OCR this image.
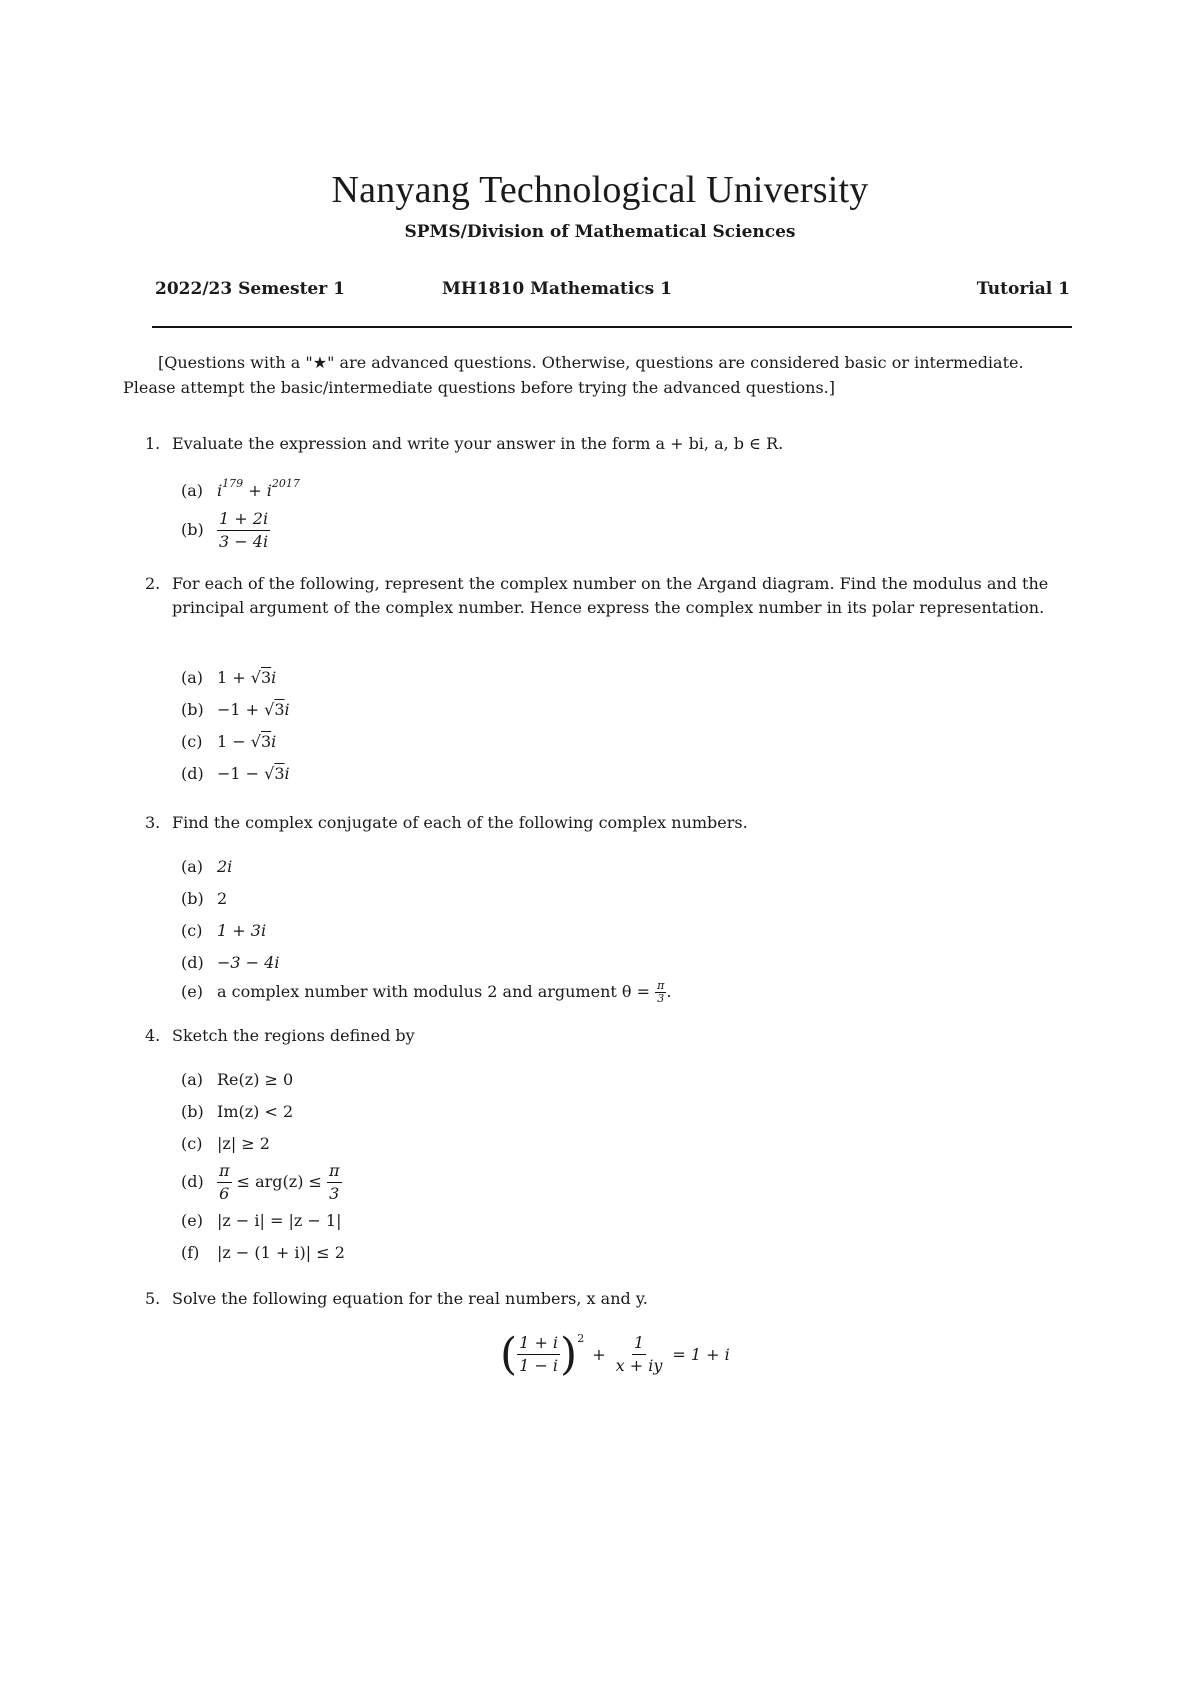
Nanyang Technological University
SPMS/Division of Mathematical Sciences
2022/23 Semester 1	MH1810 Mathematics 1	Tutorial 1
[Questions with a "★" are advanced questions. Otherwise, questions are considered basic or intermediate.
Please attempt the basic/intermediate questions before trying the advanced questions.]
1. Evaluate the expression and write your answer in the form a + bi, a, b ∈ R.
(a) $i^{179} + i^{2017}$
$(b) \frac{1 + 2i}{3 - 4i}$
2. For each of the following, represent the complex number on the Argand diagram. Find the modulus and the principal argument of the complex number. Hence express the complex number in its polar representation.
(a) 1 + √3i
(b) −1 + √3i
(c) 1 − √3i
(d) −1 − √3i
3. Find the complex conjugate of each of the following complex numbers.
(a) 2i
(b) 2
(c) 1 + 3i
(d) −3 − 4i
(e) a complex number with modulus 2 and argument $\theta = \frac{\pi}{3}$ .
4. Sketch the regions defined by
(a) Re(z) ≥ 0
(b) Im(z) < 2
(c) |z| ≥ 2
$(d) \frac{\pi}{6} \le arg(z) \le \frac{\pi}{3}$
(e) |z − i| = |z − 1|
(f) |z − (1 + i)| ≤ 2
5. Solve the following equation for the real numbers, x and y.
( $\frac{1 + i}{1 - i}$ ) 2
+ $\frac{1}{x + iy} = 1 + i$
